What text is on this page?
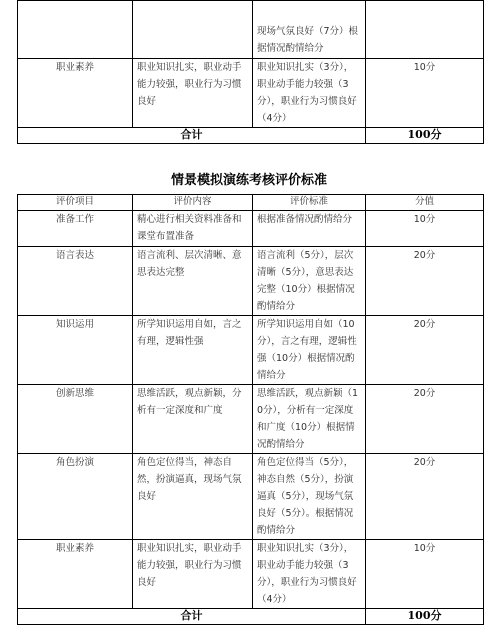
		现场气氛良好（7分）根据情况酌情给分	
职业素养	职业知识扎实，职业动手能力较强，职业行为习惯良好	职业知识扎实（3分），职业动手能力较强（3分），职业行为习惯良好（4分）	10分
合计			100分
情景模拟演练考核评价标准
评价项目	评价内容	评价标准	分值
准备工作	精心进行相关资料准备和课堂布置准备	根据准备情况酌情给分	10分
语言表达	语言流利、层次清晰、意思表达完整	语言流利（5分），层次清晰（5分），意思表达完整（10分）根据情况酌情给分	20分
知识运用	所学知识运用自如，言之有理，逻辑性强	所学知识运用自如（10分），言之有理，逻辑性强（10分）根据情况酌情给分	20分
创新思维	思维活跃，观点新颖，分析有一定深度和广度	思维活跃，观点新颖（10分），分析有一定深度和广度（10分）根据情况酌情给分	20分
角色扮演	角色定位得当，神态自然，扮演逼真，现场气氛良好	角色定位得当（5分），神态自然（5分），扮演逼真（5分），现场气氛良好（5分）。根据情况酌情给分	20分
职业素养	职业知识扎实，职业动手能力较强，职业行为习惯良好	职业知识扎实（3分），职业动手能力较强（3分），职业行为习惯良好（4分）	10分
合计			100分
